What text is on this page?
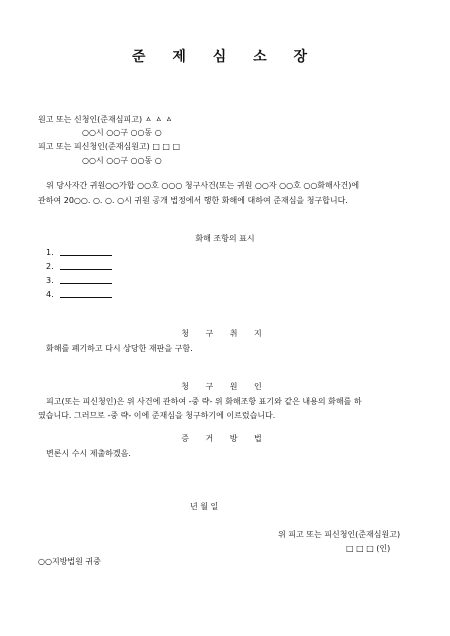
준 제 심 소 장
원고 또는 신청인(준재심피고) ㅿ ㅿ ㅿ
○○시 ○○구 ○○동 ○
피고 또는 피신청인(준재심원고) □ □ □
○○시 ○○구 ○○동 ○
위 당사자간 귀원○○가합 ○○호 ○○○ 청구사건(또는 귀원 ○○자 ○○호 ○○화해사건)에
관하여 20○○. ○. ○. ○시 귀원 공개 법정에서 행한 화해에 대하여 준재심을 청구합니다.
화해 조항의 표시
1.
2.
3.
4.
청 구 취 지
화해를 폐기하고 다시 상당한 재판을 구함.
청 구 원 인
피고(또는 피신청인)은 위 사건에 관하여 -중 략- 위 화해조항 표기와 같은 내용의 화해를 하
였습니다. 그러므로 -중 략- 이에 준재심을 청구하기에 이르렀습니다.
증 거 방 법
변론시 수시 제출하겠음.
년 월 일
위 피고 또는 피신청인(준재심원고)
□ □ □ (인)
○○지방법원 귀중
